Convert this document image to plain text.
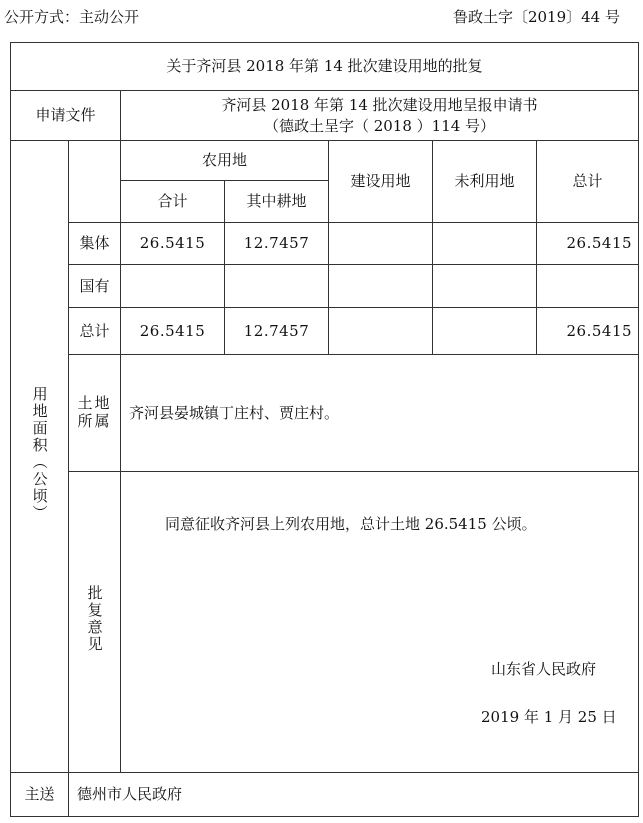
公开方式：主动公开	鲁政土字〔2019〕44 号
关于齐河县 2018 年第 14 批次建设用地的批复						
申请文件		齐河县 2018 年第 14 批次建设用地呈报申请书
（德政土呈字（ 2018 ）114 号）				

用地面积（公顷）		农用地		建设用地	未利用地	总计
		合计	其中耕地			
	集体	26.5415	12.7457			26.5415
	国有					
	总计	26.5415	12.7457			26.5415
	土地所属	齐河县晏城镇丁庄村、贾庄村。				
	批复意见	同意征收齐河县上列农用地，总计土地 26.5415 公顷。
山东省人民政府
2019 年 1 月 25 日				

主送	德州市人民政府					
